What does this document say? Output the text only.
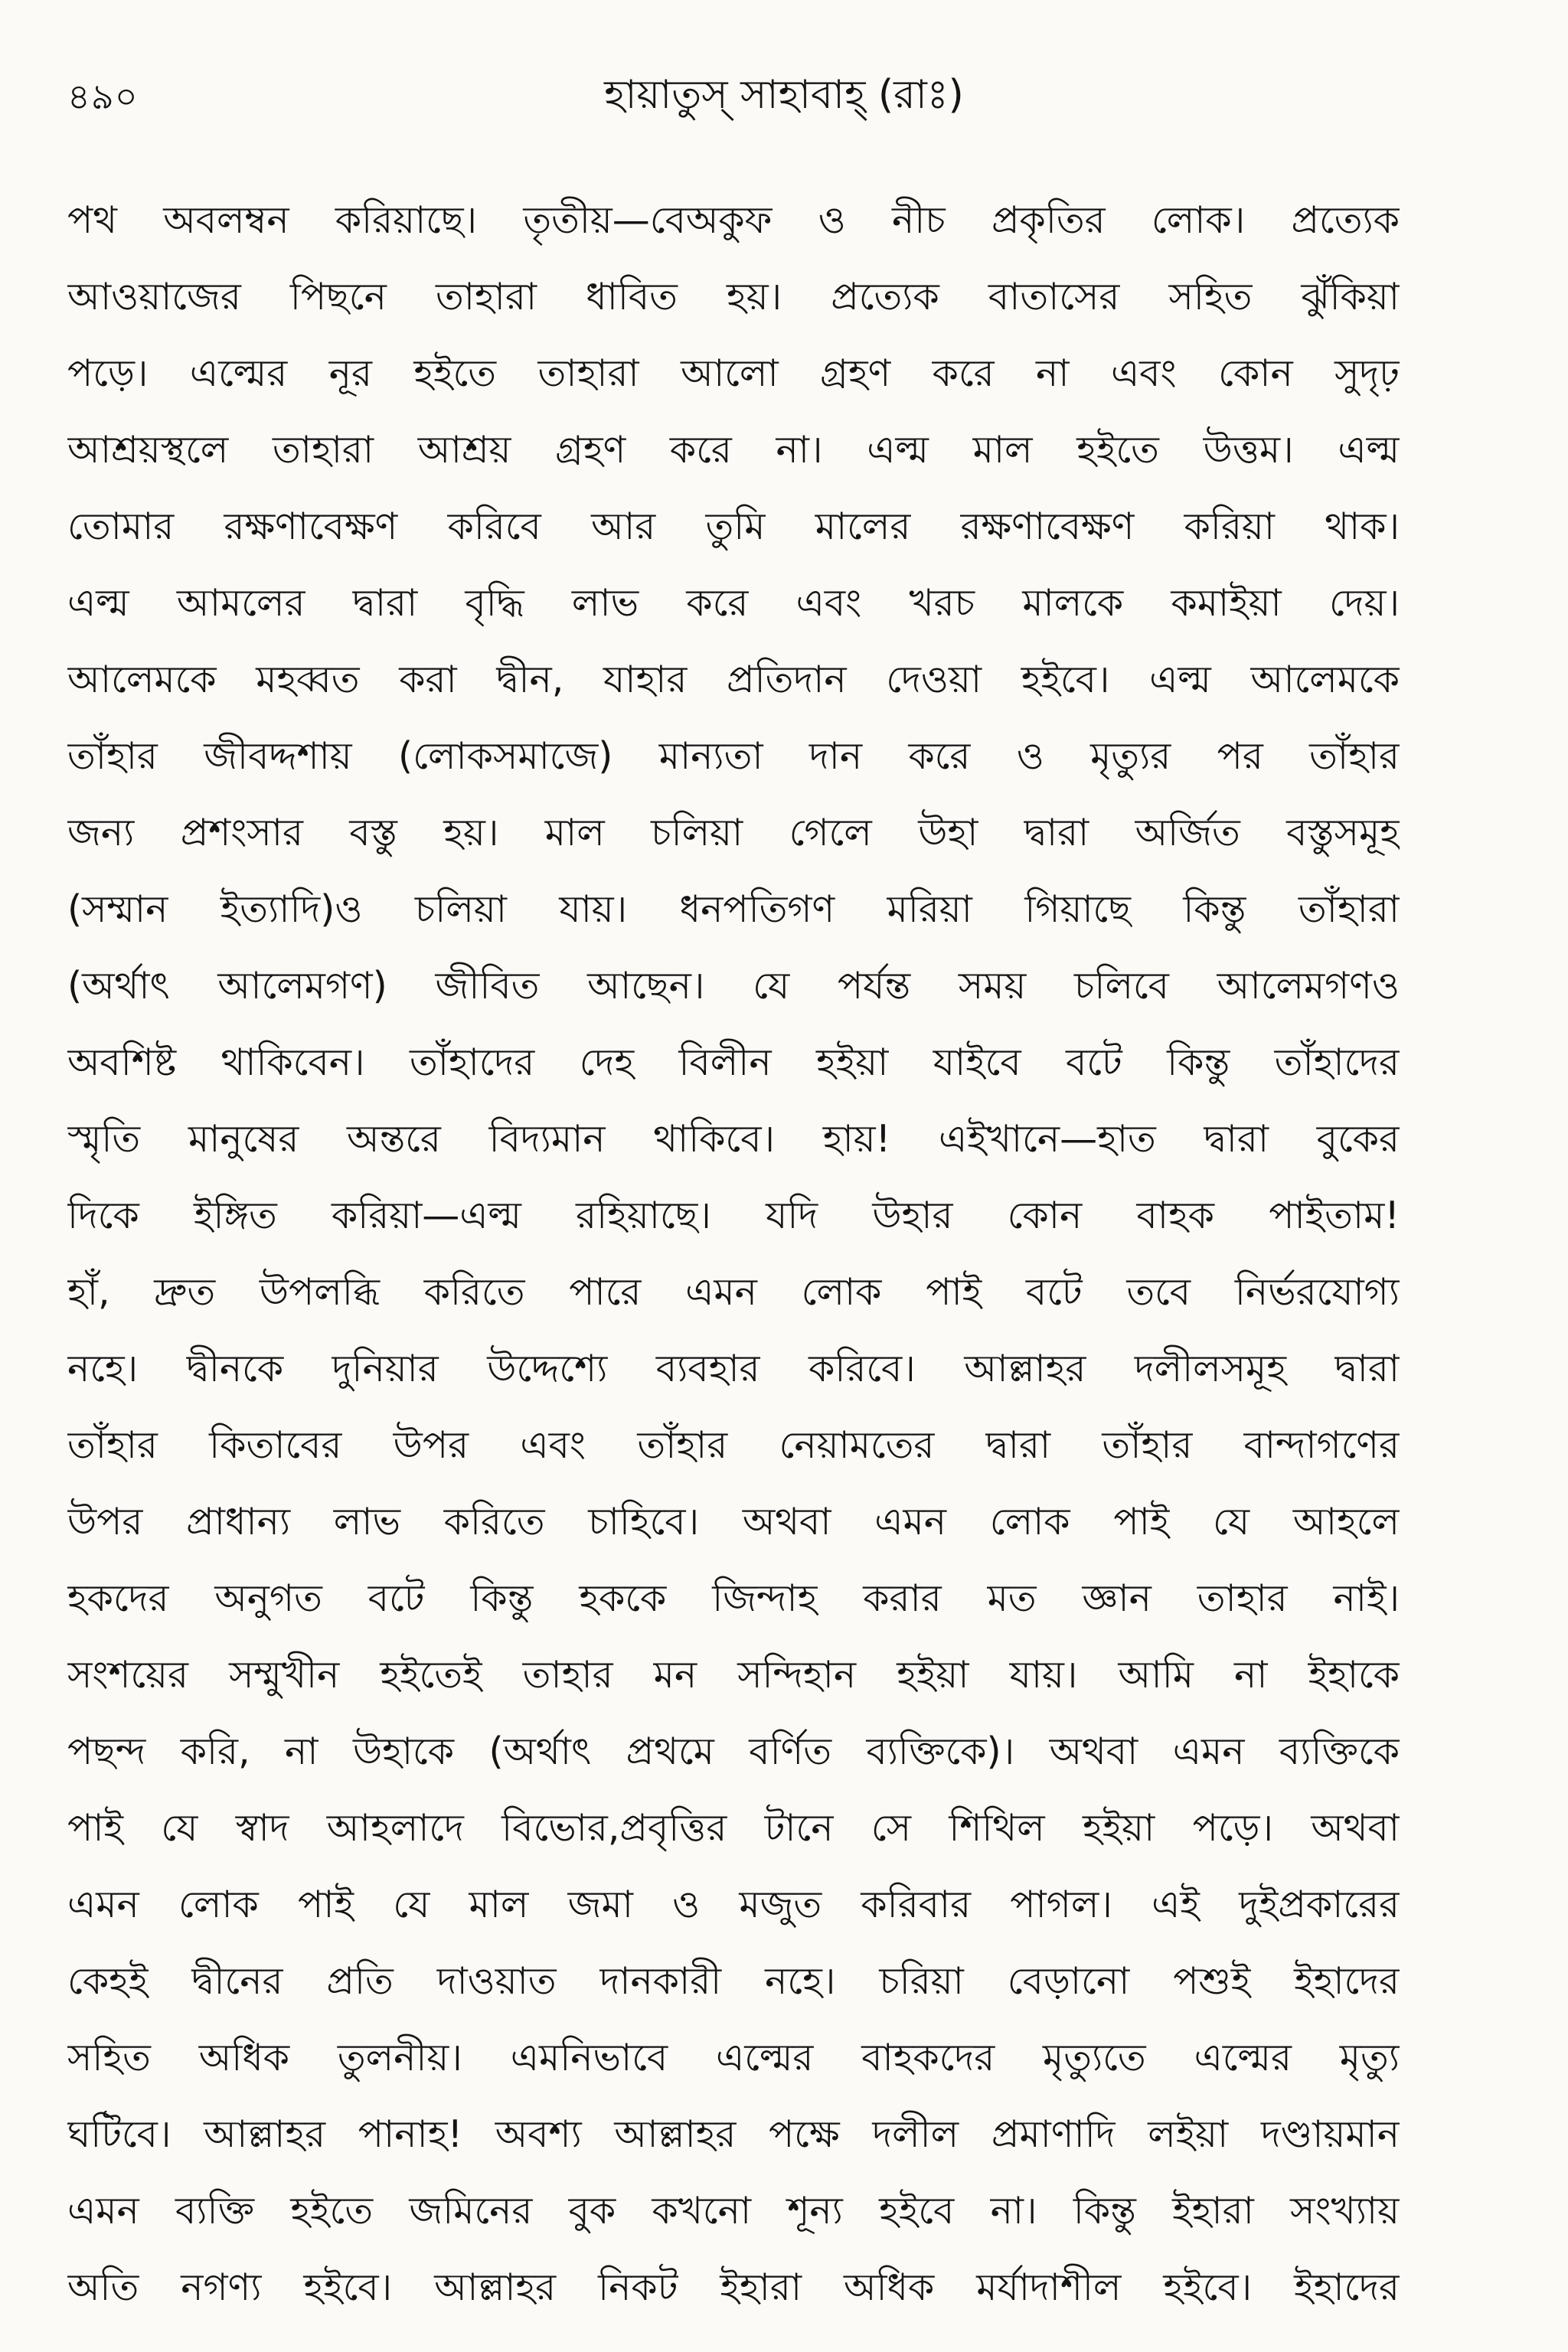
৪৯০	হায়াতুস্ সাহাবাহ্ (রাঃ)
পথ অবলম্বন করিয়াছে। তৃতীয়—বেঅকুফ ও নীচ প্রকৃতির লোক। প্রত্যেক
আওয়াজের পিছনে তাহারা ধাবিত হয়। প্রত্যেক বাতাসের সহিত ঝুঁকিয়া
পড়ে। এল্মের নূর হইতে তাহারা আলো গ্রহণ করে না এবং কোন সুদৃঢ়
আশ্রয়স্থলে তাহারা আশ্রয় গ্রহণ করে না। এল্ম মাল হইতে উত্তম। এল্ম
তোমার রক্ষণাবেক্ষণ করিবে আর তুমি মালের রক্ষণাবেক্ষণ করিয়া থাক।
এল্ম আমলের দ্বারা বৃদ্ধি লাভ করে এবং খরচ মালকে কমাইয়া দেয়।
আলেমকে মহব্বত করা দ্বীন, যাহার প্রতিদান দেওয়া হইবে। এল্ম আলেমকে
তাঁহার জীবদ্দশায় (লোকসমাজে) মান্যতা দান করে ও মৃত্যুর পর তাঁহার
জন্য প্রশংসার বস্তু হয়। মাল চলিয়া গেলে উহা দ্বারা অর্জিত বস্তুসমূহ
(সম্মান ইত্যাদি)ও চলিয়া যায়। ধনপতিগণ মরিয়া গিয়াছে কিন্তু তাঁহারা
(অর্থাৎ আলেমগণ) জীবিত আছেন। যে পর্যন্ত সময় চলিবে আলেমগণও
অবশিষ্ট থাকিবেন। তাঁহাদের দেহ বিলীন হইয়া যাইবে বটে কিন্তু তাঁহাদের
স্মৃতি মানুষের অন্তরে বিদ্যমান থাকিবে। হায়! এইখানে—হাত দ্বারা বুকের
দিকে ইঙ্গিত করিয়া—এল্ম রহিয়াছে। যদি উহার কোন বাহক পাইতাম!
হাঁ, দ্রুত উপলব্ধি করিতে পারে এমন লোক পাই বটে তবে নির্ভরযোগ্য
নহে। দ্বীনকে দুনিয়ার উদ্দেশ্যে ব্যবহার করিবে। আল্লাহর দলীলসমূহ দ্বারা
তাঁহার কিতাবের উপর এবং তাঁহার নেয়ামতের দ্বারা তাঁহার বান্দাগণের
উপর প্রাধান্য লাভ করিতে চাহিবে। অথবা এমন লোক পাই যে আহলে
হকদের অনুগত বটে কিন্তু হককে জিন্দাহ করার মত জ্ঞান তাহার নাই।
সংশয়ের সম্মুখীন হইতেই তাহার মন সন্দিহান হইয়া যায়। আমি না ইহাকে
পছন্দ করি, না উহাকে (অর্থাৎ প্রথমে বর্ণিত ব্যক্তিকে)। অথবা এমন ব্যক্তিকে
পাই যে স্বাদ আহলাদে বিভোর,প্রবৃত্তির টানে সে শিথিল হইয়া পড়ে। অথবা
এমন লোক পাই যে মাল জমা ও মজুত করিবার পাগল। এই দুইপ্রকারের
কেহই দ্বীনের প্রতি দাওয়াত দানকারী নহে। চরিয়া বেড়ানো পশুই ইহাদের
সহিত অধিক তুলনীয়। এমনিভাবে এল্মের বাহকদের মৃত্যুতে এল্মের মৃত্যু
ঘটিবে। আল্লাহর পানাহ! অবশ্য আল্লাহর পক্ষে দলীল প্রমাণাদি লইয়া দণ্ডায়মান
এমন ব্যক্তি হইতে জমিনের বুক কখনো শূন্য হইবে না। কিন্তু ইহারা সংখ্যায়
অতি নগণ্য হইবে। আল্লাহর নিকট ইহারা অধিক মর্যাদাশীল হইবে। ইহাদের
